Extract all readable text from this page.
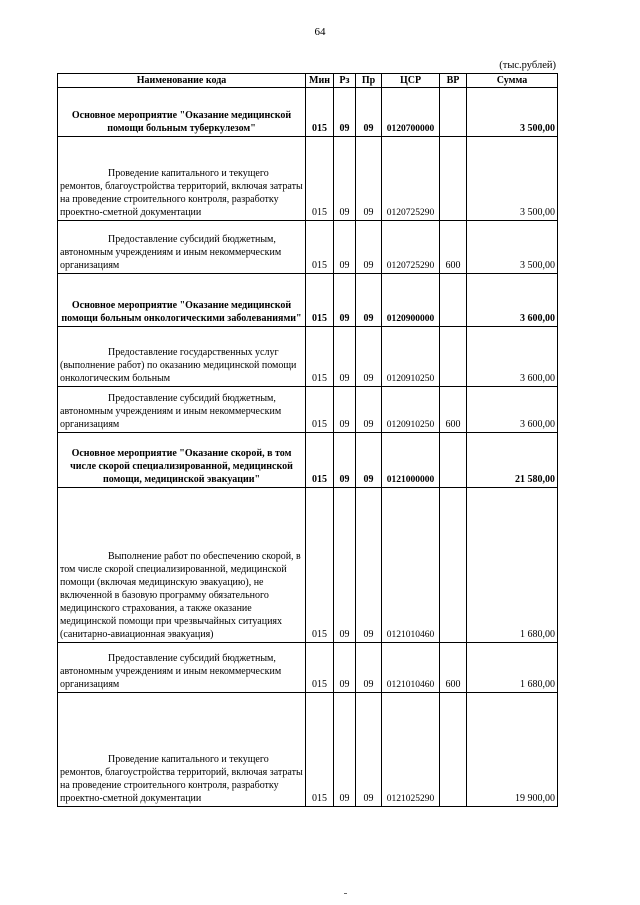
64
(тыс.рублей)
Наименование кода	Мин	Рз	Пр	ЦСР	ВР	Сумма
Основное мероприятие "Оказание медицинской помощи больным туберкулезом"	015	09	09	0120700000		3 500,00

Проведение капитального и текущего ремонтов, благоустройства территорий, включая затраты на проведение строительного контроля, разработку проектно-сметной документации	015	09	09	0120725290		3 500,00

Предоставление субсидий бюджетным, автономным учреждениям и иным некоммерческим организациям	015	09	09	0120725290	600	3 500,00
Основное мероприятие "Оказание медицинской помощи больным онкологическими заболеваниями"	015	09	09	0120900000		3 600,00

Предоставление государственных услуг (выполнение работ) по оказанию медицинской помощи онкологическим больным	015	09	09	0120910250		3 600,00

Предоставление субсидий бюджетным, автономным учреждениям и иным некоммерческим организациям	015	09	09	0120910250	600	3 600,00
Основное мероприятие "Оказание скорой, в том числе скорой специализированной, медицинской помощи, медицинской эвакуации"	015	09	09	0121000000		21 580,00

Выполнение работ по обеспечению скорой, в том числе скорой специализированной, медицинской помощи (включая медицинскую эвакуацию), не включенной в базовую программу обязательного медицинского страхования, а также оказание медицинской помощи при чрезвычайных ситуациях (санитарно-авиационная эвакуация)	015	09	09	0121010460		1 680,00

Предоставление субсидий бюджетным, автономным учреждениям и иным некоммерческим организациям	015	09	09	0121010460	600	1 680,00

Проведение капитального и текущего ремонтов, благоустройства территорий, включая затраты на проведение строительного контроля, разработку проектно-сметной документации	015	09	09	0121025290		19 900,00
